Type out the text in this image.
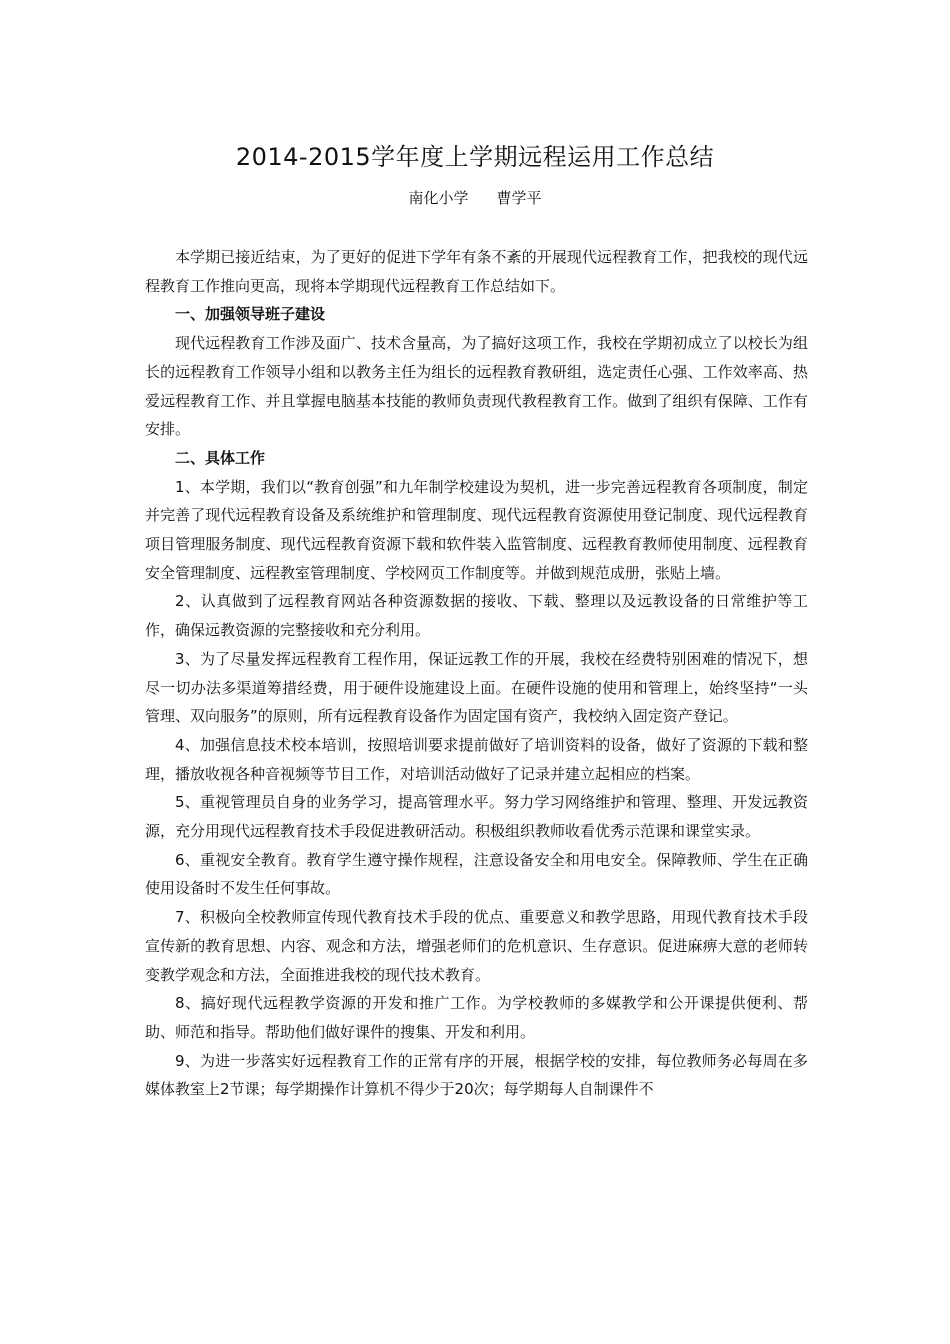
2014-2015学年度上学期远程运用工作总结
南化小学 曹学平

本学期已接近结束，为了更好的促进下学年有条不紊的开展现代远程教育工作，把我校的现代远程教育工作推向更高，现将本学期现代远程教育工作总结如下。

一、加强领导班子建设

现代远程教育工作涉及面广、技术含量高，为了搞好这项工作，我校在学期初成立了以校长为组长的远程教育工作领导小组和以教务主任为组长的远程教育教研组，选定责任心强、工作效率高、热爱远程教育工作、并且掌握电脑基本技能的教师负责现代教程教育工作。做到了组织有保障、工作有安排。

二、具体工作

1、本学期，我们以“教育创强”和九年制学校建设为契机，进一步完善远程教育各项制度，制定并完善了现代远程教育设备及系统维护和管理制度、现代远程教育资源使用登记制度、现代远程教育项目管理服务制度、现代远程教育资源下载和软件装入监管制度、远程教育教师使用制度、远程教育安全管理制度、远程教室管理制度、学校网页工作制度等。并做到规范成册，张贴上墙。

2、认真做到了远程教育网站各种资源数据的接收、下载、整理以及远教设备的日常维护等工作，确保远教资源的完整接收和充分利用。

3、为了尽量发挥远程教育工程作用，保证远教工作的开展，我校在经费特别困难的情况下，想尽一切办法多渠道筹措经费，用于硬件设施建设上面。在硬件设施的使用和管理上，始终坚持“一头管理、双向服务”的原则，所有远程教育设备作为固定国有资产，我校纳入固定资产登记。

4、加强信息技术校本培训，按照培训要求提前做好了培训资料的设备，做好了资源的下载和整理，播放收视各种音视频等节目工作，对培训活动做好了记录并建立起相应的档案。

5、重视管理员自身的业务学习，提高管理水平。努力学习网络维护和管理、整理、开发远教资源，充分用现代远程教育技术手段促进教研活动。积极组织教师收看优秀示范课和课堂实录。

6、重视安全教育。教育学生遵守操作规程，注意设备安全和用电安全。保障教师、学生在正确使用设备时不发生任何事故。

7、积极向全校教师宣传现代教育技术手段的优点、重要意义和教学思路，用现代教育技术手段宣传新的教育思想、内容、观念和方法，增强老师们的危机意识、生存意识。促进麻痹大意的老师转变教学观念和方法，全面推进我校的现代技术教育。

8、搞好现代远程教学资源的开发和推广工作。为学校教师的多媒教学和公开课提供便利、帮助、师范和指导。帮助他们做好课件的搜集、开发和利用。

9、为进一步落实好远程教育工作的正常有序的开展，根据学校的安排，每位教师务必每周在多媒体教室上2节课；每学期操作计算机不得少于20次；每学期每人自制课件不
